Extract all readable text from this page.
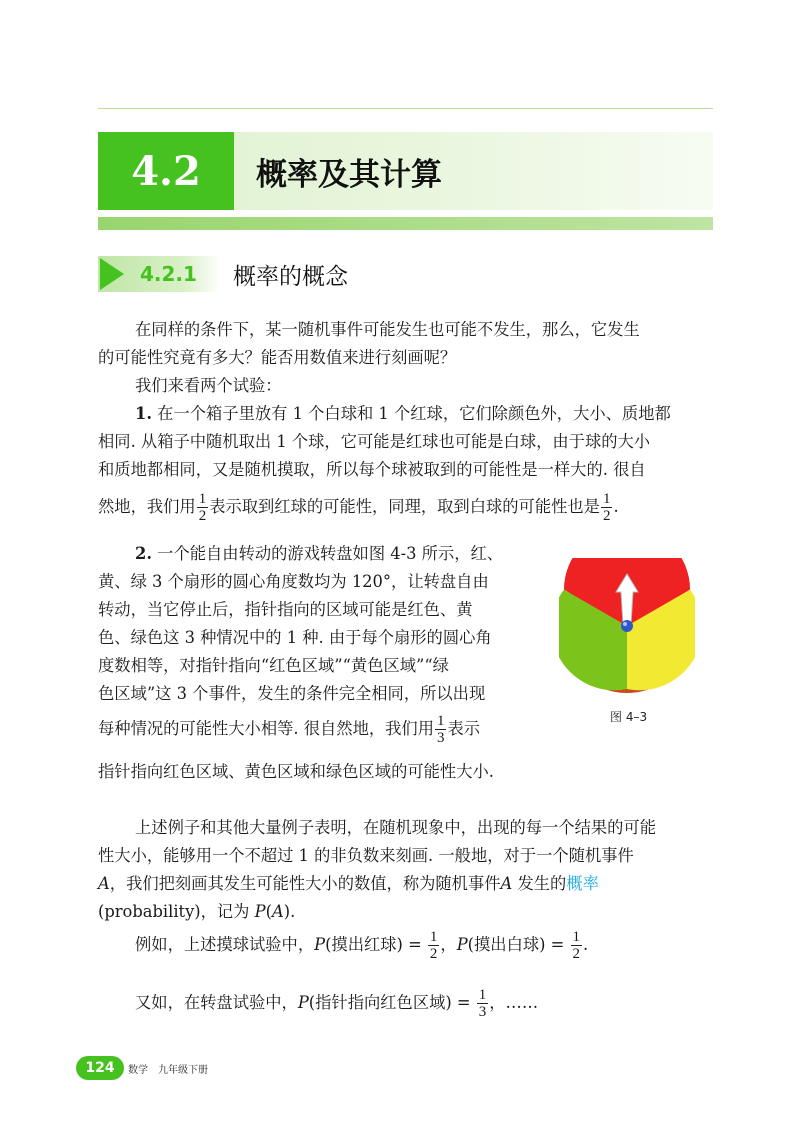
4.2	概率及其计算
4.2.1 概率的概念
在同样的条件下，某一随机事件可能发生也可能不发生，那么，它发生
的可能性究竟有多大？能否用数值来进行刻画呢？
我们来看两个试验：
1. 在一个箱子里放有 1 个白球和 1 个红球，它们除颜色外，大小、质地都
相同. 从箱子中随机取出 1 个球，它可能是红球也可能是白球，由于球的大小
和质地都相同，又是随机摸取，所以每个球被取到的可能性是一样大的. 很自
然地，我们用 $\frac{1}{2}$ 表示取到红球的可能性，同理，取到白球的可能性也是 $\frac{1}{2}$ .
2. 一个能自由转动的游戏转盘如图 4-3 所示，红、
黄、绿 3 个扇形的圆心角度数均为 120°，让转盘自由
转动，当它停止后，指针指向的区域可能是红色、黄
色、绿色这 3 种情况中的 1 种. 由于每个扇形的圆心角
度数相等，对指针指向“红色区域”“黄色区域”“绿
色区域”这 3 个事件，发生的条件完全相同，所以出现
每种情况的可能性大小相等. 很自然地，我们用 $\frac{1}{3}$ 表示
指针指向红色区域、黄色区域和绿色区域的可能性大小.
图 4–3
上述例子和其他大量例子表明，在随机现象中，出现的每一个结果的可能
性大小，能够用一个不超过 1 的非负数来刻画. 一般地，对于一个随机事件
A，我们把刻画其发生可能性大小的数值，称为随机事件A 发生的概率
(probability)，记为 P(A).
例如，上述摸球试验中，P(摸出红球) = $\frac{1}{2}$ ，P(摸出白球) = $\frac{1}{2}$ .
又如，在转盘试验中，P(指针指向红色区域) = $\frac{1}{3}$ ，……
124	数学　九年级下册
